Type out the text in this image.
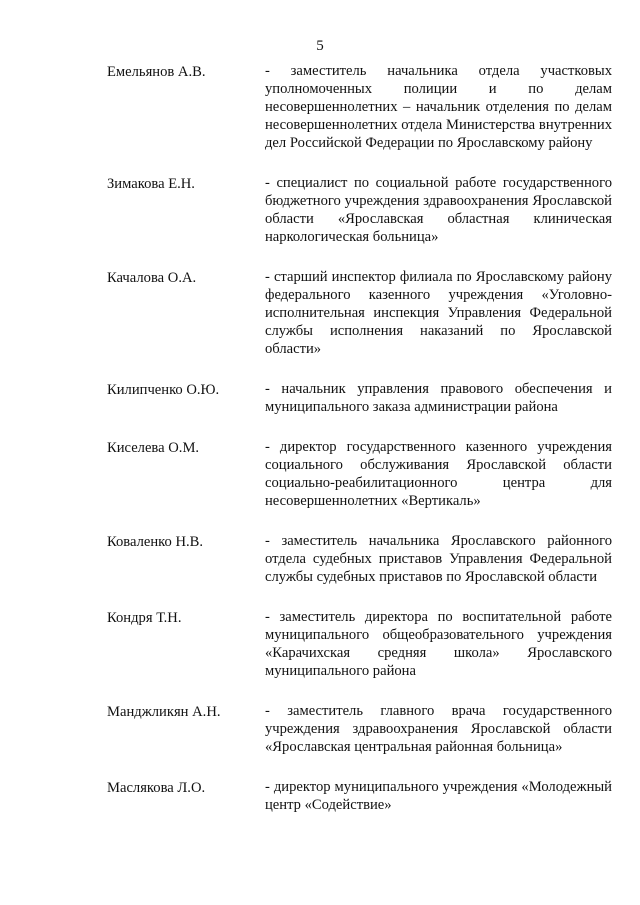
5
Емельянов А.В.	- заместитель начальника отдела участковых уполномоченных полиции и по делам несовершеннолетних – начальник отделения по делам несовершеннолетних отдела Министерства внутренних дел Российской Федерации по Ярославскому району
Зимакова Е.Н.	- специалист по социальной работе государственного бюджетного учреждения здравоохранения Ярославской области «Ярославская областная клиническая наркологическая больница»
Качалова О.А.	- старший инспектор филиала по Ярославскому району федерального казенного учреждения «Уголовно-исполнительная инспекция Управления Федеральной службы исполнения наказаний по Ярославской области»
Килипченко О.Ю.	- начальник управления правового обеспечения и муниципального заказа администрации района
Киселева О.М.	- директор государственного казенного учреждения социального обслуживания Ярославской области социально-реабилитационного центра для несовершеннолетних «Вертикаль»
Коваленко Н.В.	- заместитель начальника Ярославского районного отдела судебных приставов Управления Федеральной службы судебных приставов по Ярославской области
Кондря Т.Н.	- заместитель директора по воспитательной работе муниципального общеобразовательного учреждения «Карачихская средняя школа» Ярославского муниципального района
Манджликян А.Н.	- заместитель главного врача государственного учреждения здравоохранения Ярославской области «Ярославская центральная районная больница»
Маслякова Л.О.	- директор муниципального учреждения «Молодежный центр «Содействие»
